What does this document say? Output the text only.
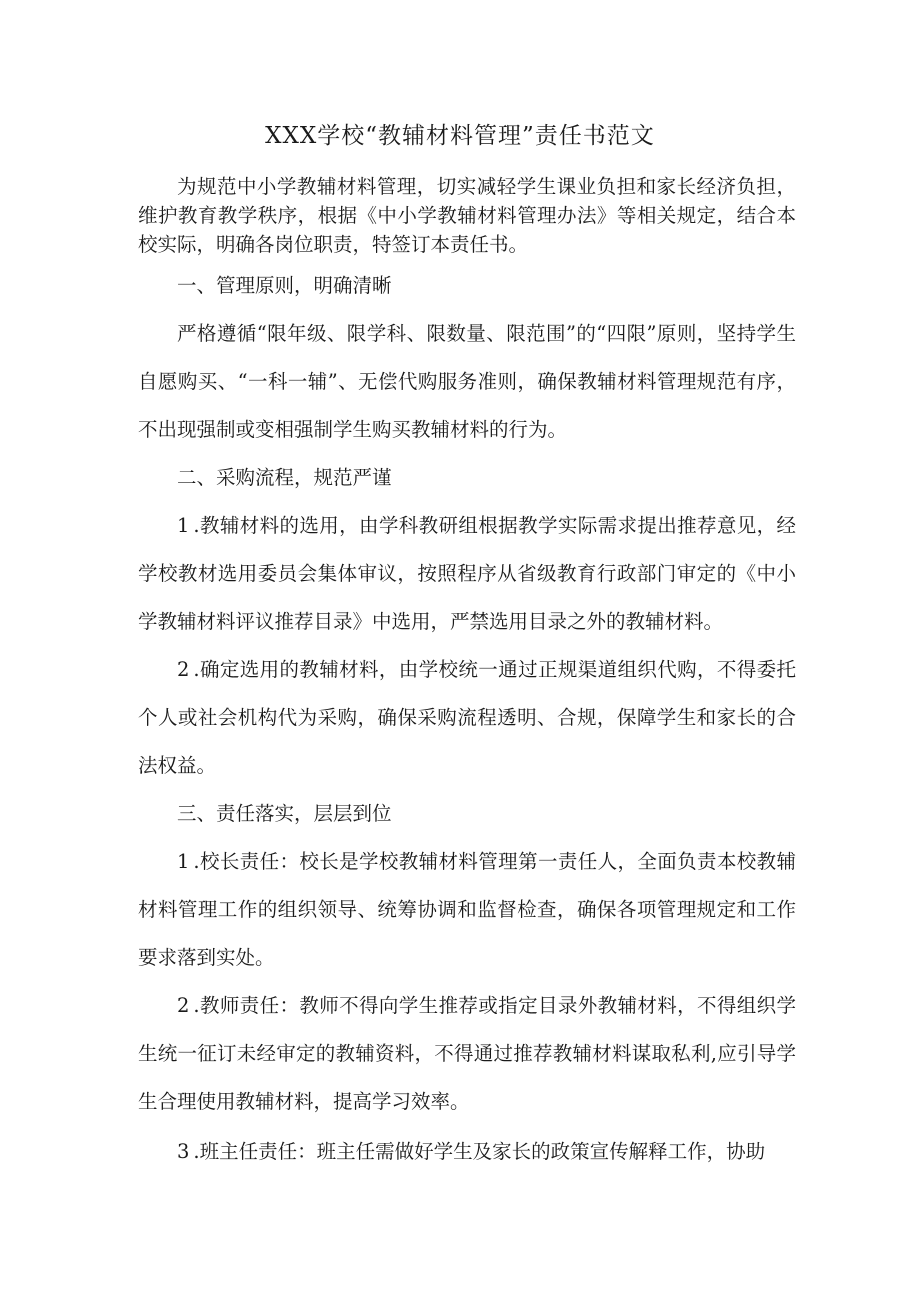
XXX学校“教辅材料管理”责任书范文

为规范中小学教辅材料管理，切实减轻学生课业负担和家长经济负担，维护教育教学秩序，根据《中小学教辅材料管理办法》等相关规定，结合本校实际，明确各岗位职责，特签订本责任书。

一、管理原则，明确清晰

严格遵循“限年级、限学科、限数量、限范围”的“四限”原则，坚持学生自愿购买、“一科一辅”、无偿代购服务准则，确保教辅材料管理规范有序，不出现强制或变相强制学生购买教辅材料的行为。

二、采购流程，规范严谨

1 .教辅材料的选用，由学科教研组根据教学实际需求提出推荐意见，经学校教材选用委员会集体审议，按照程序从省级教育行政部门审定的《中小学教辅材料评议推荐目录》中选用，严禁选用目录之外的教辅材料。

2 .确定选用的教辅材料，由学校统一通过正规渠道组织代购，不得委托个人或社会机构代为采购，确保采购流程透明、合规，保障学生和家长的合法权益。

三、责任落实，层层到位

1 .校长责任：校长是学校教辅材料管理第一责任人，全面负责本校教辅材料管理工作的组织领导、统筹协调和监督检查，确保各项管理规定和工作要求落到实处。

2 .教师责任：教师不得向学生推荐或指定目录外教辅材料，不得组织学生统一征订未经审定的教辅资料，不得通过推荐教辅材料谋取私利,应引导学生合理使用教辅材料，提高学习效率。

3 .班主任责任：班主任需做好学生及家长的政策宣传解释工作，协助
